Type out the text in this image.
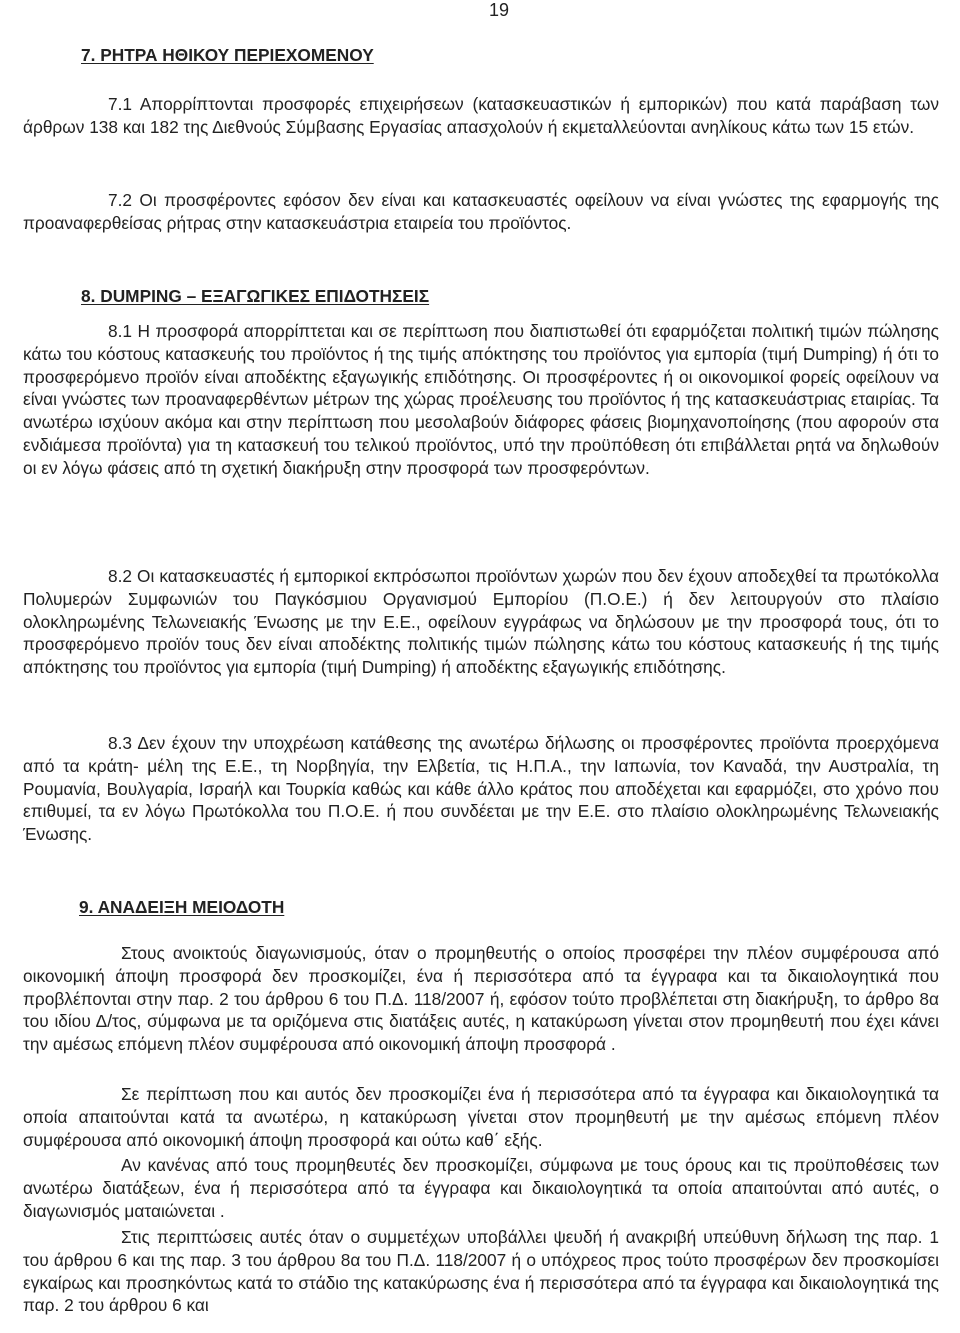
19
7. ΡΗΤΡΑ ΗΘΙΚΟΥ ΠΕΡΙΕΧΟΜΕΝΟΥ
7.1 Απορρίπτονται προσφορές επιχειρήσεων (κατασκευαστικών ή εμπορικών) που κατά παράβαση των άρθρων 138 και 182 της Διεθνούς Σύμβασης Εργασίας απασχολούν ή εκμεταλλεύονται ανηλίκους κάτω των 15 ετών.
7.2 Οι προσφέροντες εφόσον δεν είναι και κατασκευαστές οφείλουν να είναι γνώστες της εφαρμογής της προαναφερθείσας ρήτρας στην κατασκευάστρια εταιρεία του προϊόντος.
8. DUMPING – ΕΞΑΓΩΓΙΚΕΣ ΕΠΙΔΟΤΗΣΕΙΣ
8.1 Η προσφορά απορρίπτεται και σε περίπτωση που διαπιστωθεί ότι εφαρμόζεται πολιτική τιμών πώλησης κάτω του κόστους κατασκευής του προϊόντος ή της τιμής απόκτησης του προϊόντος για εμπορία (τιμή Dumping) ή ότι το προσφερόμενο προϊόν είναι αποδέκτης εξαγωγικής επιδότησης. Οι προσφέροντες ή οι οικονομικοί φορείς οφείλουν να είναι γνώστες των προαναφερθέντων μέτρων της χώρας προέλευσης του προϊόντος ή της κατασκευάστριας εταιρίας. Τα ανωτέρω ισχύουν ακόμα και στην περίπτωση που μεσολαβούν διάφορες φάσεις βιομηχανοποίησης (που αφορούν στα ενδιάμεσα προϊόντα) για τη κατασκευή του τελικού προϊόντος, υπό την προϋπόθεση ότι επιβάλλεται ρητά να δηλωθούν οι εν λόγω φάσεις από τη σχετική διακήρυξη στην προσφορά των προσφερόντων.
8.2 Οι κατασκευαστές ή εμπορικοί εκπρόσωποι προϊόντων χωρών που δεν έχουν αποδεχθεί τα πρωτόκολλα Πολυμερών Συμφωνιών του Παγκόσμιου Οργανισμού Εμπορίου (Π.Ο.Ε.) ή δεν λειτουργούν στο πλαίσιο ολοκληρωμένης Τελωνειακής Ένωσης με την Ε.Ε., οφείλουν εγγράφως να δηλώσουν με την προσφορά τους, ότι το προσφερόμενο προϊόν τους δεν είναι αποδέκτης πολιτικής τιμών πώλησης κάτω του κόστους κατασκευής ή της τιμής απόκτησης του προϊόντος για εμπορία (τιμή Dumping) ή αποδέκτης εξαγωγικής επιδότησης.
8.3 Δεν έχουν την υποχρέωση κατάθεσης της ανωτέρω δήλωσης οι προσφέροντες προϊόντα προερχόμενα από τα κράτη- μέλη της Ε.Ε., τη Νορβηγία, την Ελβετία, τις Η.Π.Α., την Ιαπωνία, τον Καναδά, την Αυστραλία, τη Ρουμανία, Βουλγαρία, Ισραήλ και Τουρκία καθώς και κάθε άλλο κράτος που αποδέχεται και εφαρμόζει, στο χρόνο που επιθυμεί, τα εν λόγω Πρωτόκολλα του Π.Ο.Ε. ή που συνδέεται με την Ε.Ε. στο πλαίσιο ολοκληρωμένης Τελωνειακής Ένωσης.
9. ΑΝΑΔΕΙΞΗ ΜΕΙΟΔΟΤΗ
Στους ανοικτούς διαγωνισμούς, όταν ο προμηθευτής ο οποίος προσφέρει την πλέον συμφέρουσα από οικονομική άποψη προσφορά δεν προσκομίζει, ένα ή περισσότερα από τα έγγραφα και τα δικαιολογητικά που προβλέπονται στην παρ. 2 του άρθρου 6 του Π.Δ. 118/2007 ή, εφόσον τούτο προβλέπεται στη διακήρυξη, το άρθρο 8α του ιδίου Δ/τος, σύμφωνα με τα οριζόμενα στις διατάξεις αυτές, η κατακύρωση γίνεται στον προμηθευτή που έχει κάνει την αμέσως επόμενη πλέον συμφέρουσα από οικονομική άποψη προσφορά .
Σε περίπτωση που και αυτός δεν προσκομίζει ένα ή περισσότερα από τα έγγραφα και δικαιολογητικά τα οποία απαιτούνται κατά τα ανωτέρω, η κατακύρωση γίνεται στον προμηθευτή με την αμέσως επόμενη πλέον συμφέρουσα από οικονομική άποψη προσφορά και ούτω καθ΄ εξής.
Αν κανένας από τους προμηθευτές δεν προσκομίζει, σύμφωνα με τους όρους και τις προϋποθέσεις των ανωτέρω διατάξεων, ένα ή περισσότερα από τα έγγραφα και δικαιολογητικά τα οποία απαιτούνται από αυτές, ο διαγωνισμός ματαιώνεται .
Στις περιπτώσεις αυτές όταν ο συμμετέχων υποβάλλει ψευδή ή ανακριβή υπεύθυνη δήλωση της παρ. 1 του άρθρου 6 και της παρ. 3 του άρθρου 8α του Π.Δ. 118/2007 ή ο υπόχρεος προς τούτο προσφέρων δεν προσκομίσει εγκαίρως και προσηκόντως κατά το στάδιο της κατακύρωσης ένα ή περισσότερα από τα έγγραφα και δικαιολογητικά της παρ. 2 του άρθρου 6 και
